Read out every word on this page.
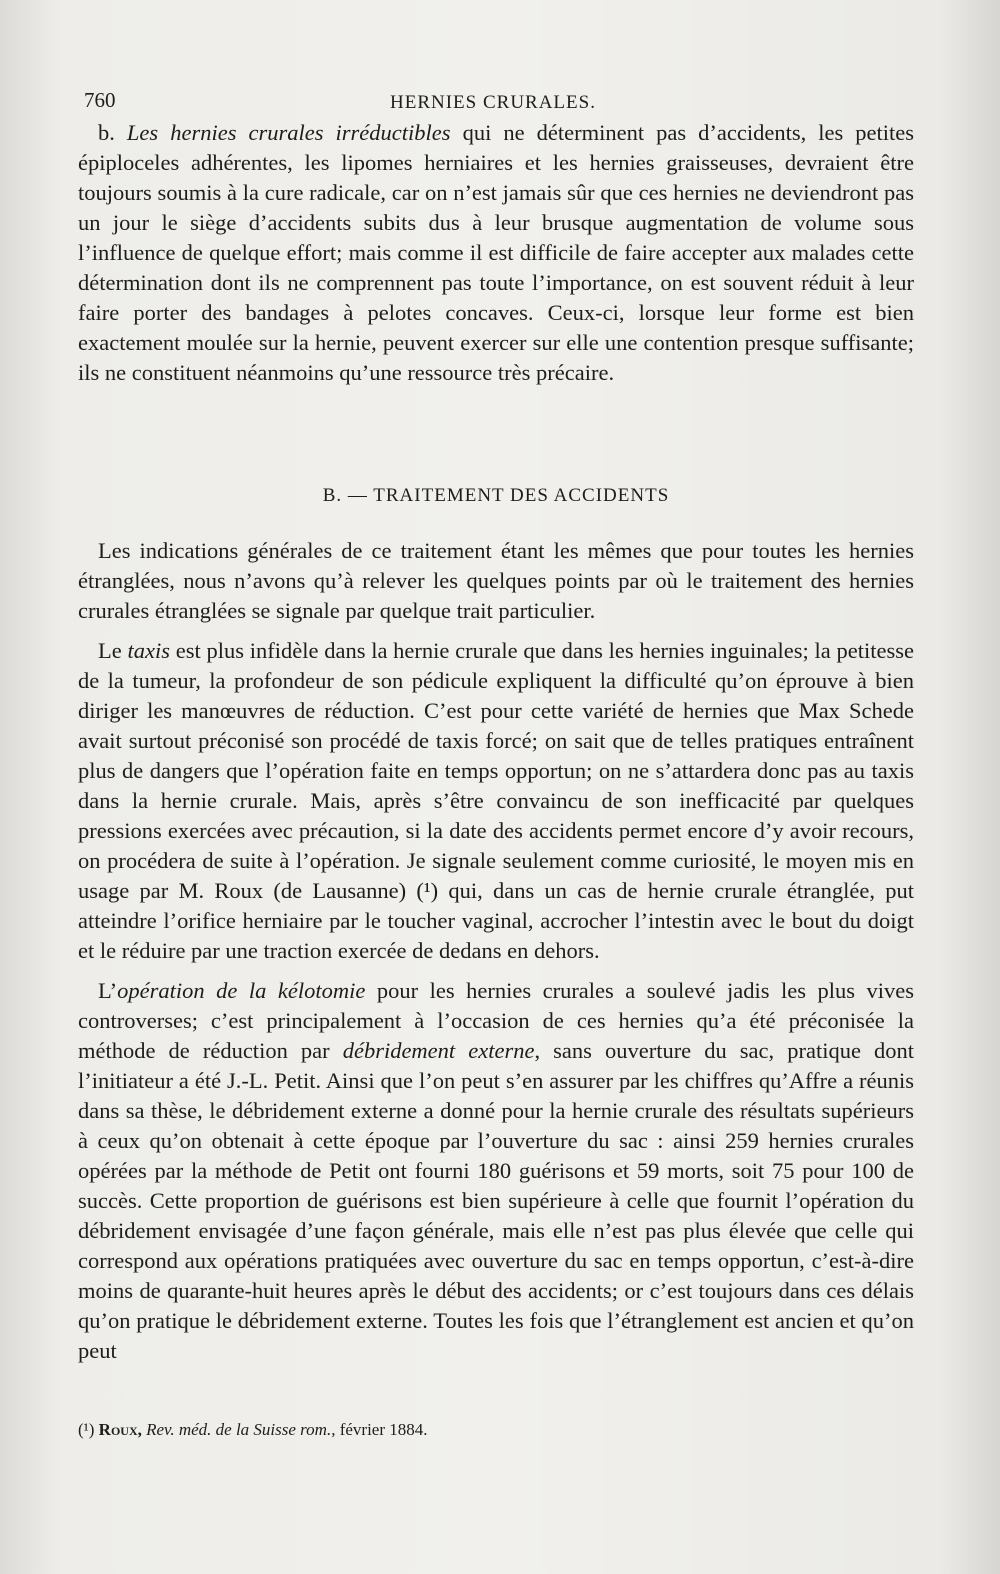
760	HERNIES CRURALES.

b. Les hernies crurales irréductibles qui ne déterminent pas d’accidents, les petites épiploceles adhérentes, les lipomes herniaires et les hernies graisseuses, devraient être toujours soumis à la cure radicale, car on n’est jamais sûr que ces hernies ne deviendront pas un jour le siège d’accidents subits dus à leur brusque augmentation de volume sous l’influence de quelque effort; mais comme il est difficile de faire accepter aux malades cette détermination dont ils ne comprennent pas toute l’importance, on est souvent réduit à leur faire porter des bandages à pelotes concaves. Ceux-ci, lorsque leur forme est bien exactement moulée sur la hernie, peuvent exercer sur elle une contention presque suffisante; ils ne constituent néanmoins qu’une ressource très précaire.

B. — TRAITEMENT DES ACCIDENTS

Les indications générales de ce traitement étant les mêmes que pour toutes les hernies étranglées, nous n’avons qu’à relever les quelques points par où le traitement des hernies crurales étranglées se signale par quelque trait particulier.

Le taxis est plus infidèle dans la hernie crurale que dans les hernies inguinales; la petitesse de la tumeur, la profondeur de son pédicule expliquent la difficulté qu’on éprouve à bien diriger les manœuvres de réduction. C’est pour cette variété de hernies que Max Schede avait surtout préconisé son procédé de taxis forcé; on sait que de telles pratiques entraînent plus de dangers que l’opération faite en temps opportun; on ne s’attardera donc pas au taxis dans la hernie crurale. Mais, après s’être convaincu de son inefficacité par quelques pressions exercées avec précaution, si la date des accidents permet encore d’y avoir recours, on procédera de suite à l’opération. Je signale seulement comme curiosité, le moyen mis en usage par M. Roux (de Lausanne) (¹) qui, dans un cas de hernie crurale étranglée, put atteindre l’orifice herniaire par le toucher vaginal, accrocher l’intestin avec le bout du doigt et le réduire par une traction exercée de dedans en dehors.

L’opération de la kélotomie pour les hernies crurales a soulevé jadis les plus vives controverses; c’est principalement à l’occasion de ces hernies qu’a été préconisée la méthode de réduction par débridement externe, sans ouverture du sac, pratique dont l’initiateur a été J.-L. Petit. Ainsi que l’on peut s’en assurer par les chiffres qu’Affre a réunis dans sa thèse, le débridement externe a donné pour la hernie crurale des résultats supérieurs à ceux qu’on obtenait à cette époque par l’ouverture du sac : ainsi 259 hernies crurales opérées par la méthode de Petit ont fourni 180 guérisons et 59 morts, soit 75 pour 100 de succès. Cette proportion de guérisons est bien supérieure à celle que fournit l’opération du débridement envisagée d’une façon générale, mais elle n’est pas plus élevée que celle qui correspond aux opérations pratiquées avec ouverture du sac en temps opportun, c’est-à-dire moins de quarante-huit heures après le début des accidents; or c’est toujours dans ces délais qu’on pratique le débridement externe. Toutes les fois que l’étranglement est ancien et qu’on peut

(¹) Roux, Rev. méd. de la Suisse rom., février 1884.
